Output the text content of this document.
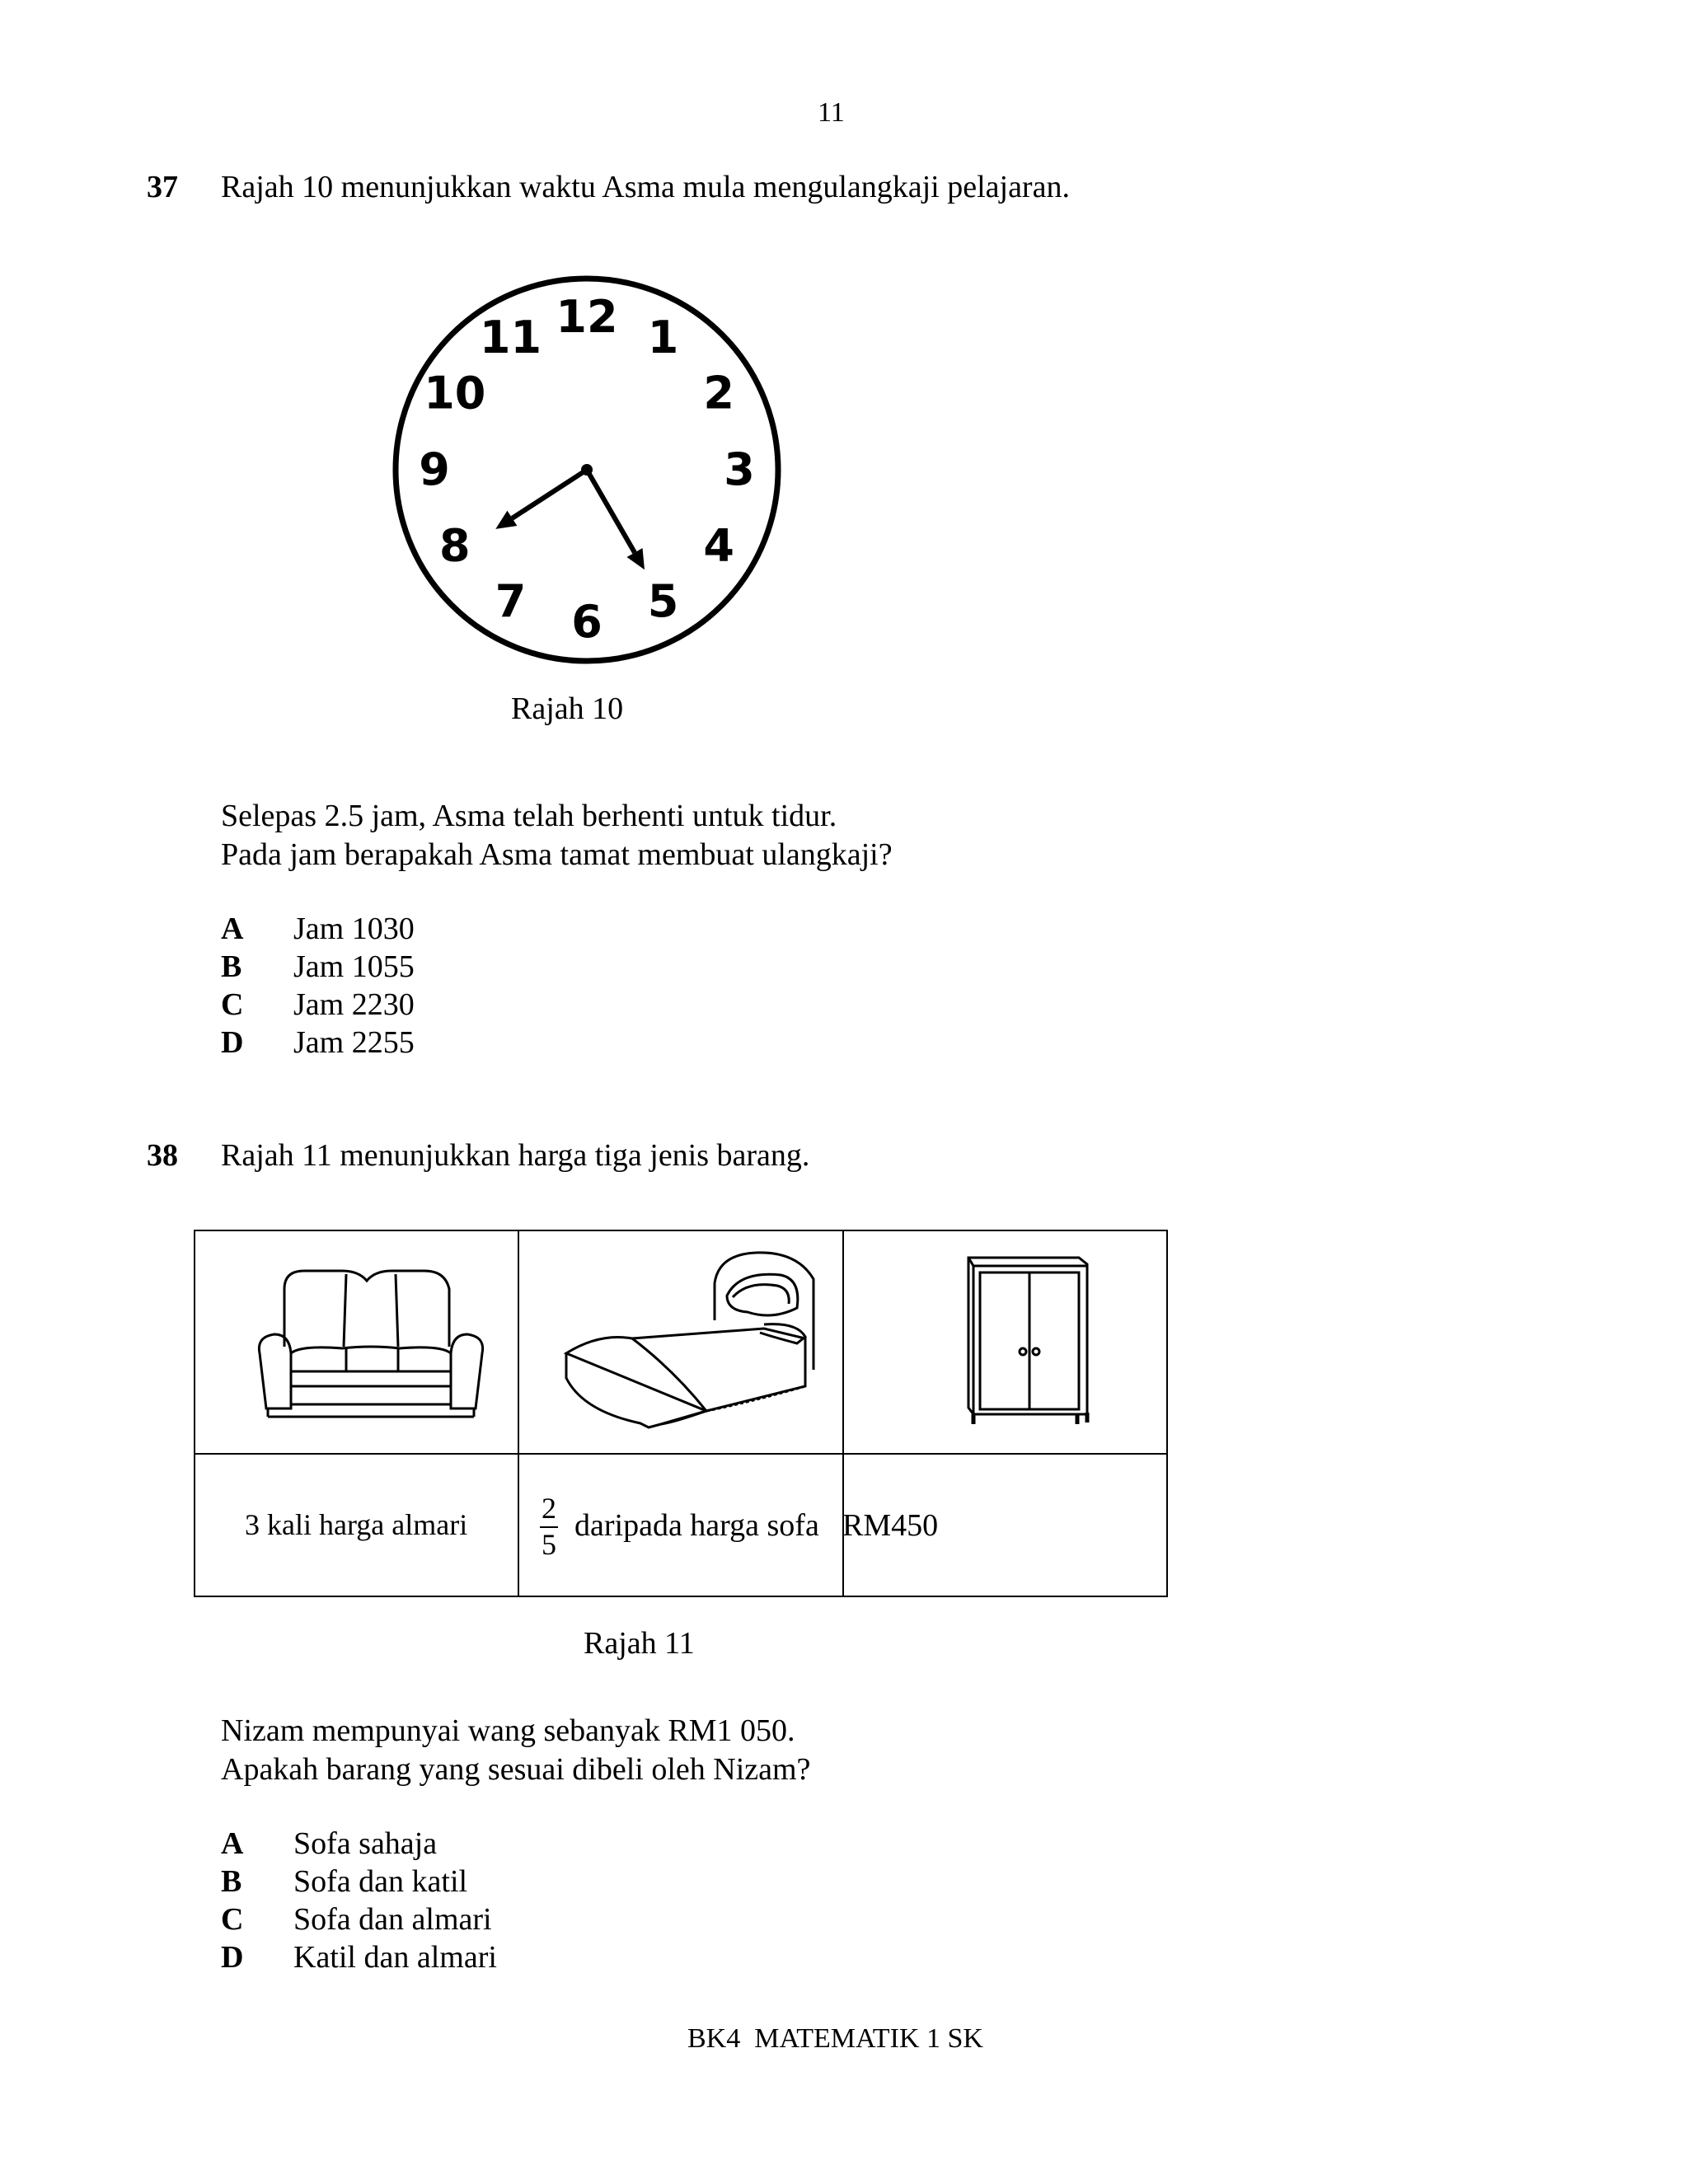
11
37 Rajah 10 menunjukkan waktu Asma mula mengulangkaji pelajaran.
12 1
2
3
4
5
6
7
8
9
10
11
Rajah 10
Selepas 2.5 jam, Asma telah berhenti untuk tidur.
Pada jam berapakah Asma tamat membuat ulangkaji?
A Jam 1030
B Jam 1055
C Jam 2230
D Jam 2255
38 Rajah 11 menunjukkan harga tiga jenis barang.
3 kali harga almari 2
5
daripada harga sofa RM450
Rajah 11
Nizam mempunyai wang sebanyak RM1 050.
Apakah barang yang sesuai dibeli oleh Nizam?
A Sofa sahaja
B Sofa dan katil
C Sofa dan almari
D Katil dan almari
BK4  MATEMATIK 1 SK
